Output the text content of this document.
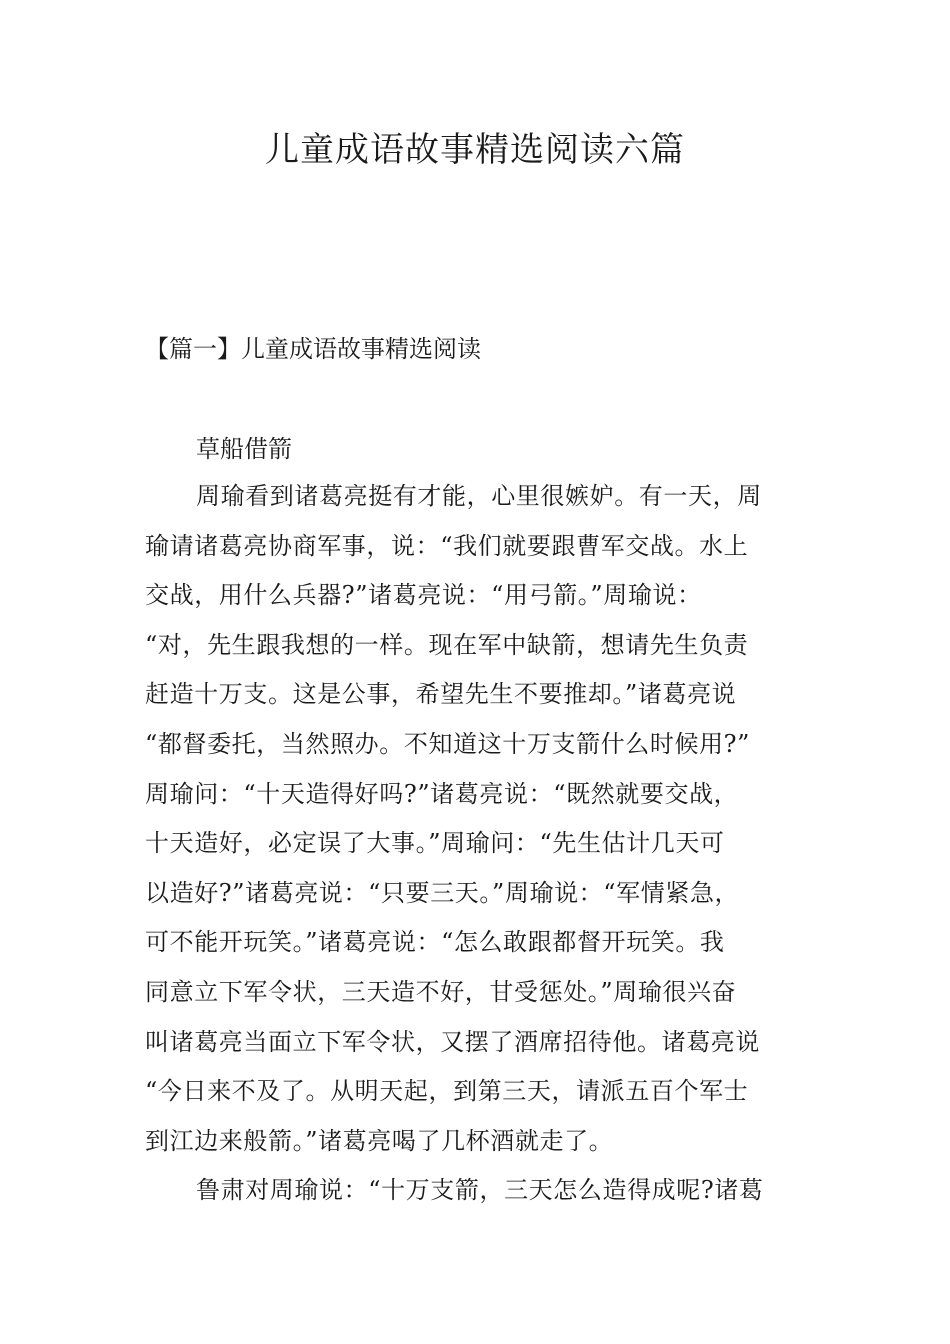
儿童成语故事精选阅读六篇
【篇一】儿童成语故事精选阅读
草船借箭
周瑜看到诸葛亮挺有才能，心里很嫉妒。有一天，周
瑜请诸葛亮协商军事，说：“我们就要跟曹军交战。水上
交战，用什么兵器?”诸葛亮说：“用弓箭。”周瑜说：
“对，先生跟我想的一样。现在军中缺箭，想请先生负责
赶造十万支。这是公事，希望先生不要推却。”诸葛亮说
“都督委托，当然照办。不知道这十万支箭什么时候用?”
周瑜问：“十天造得好吗?”诸葛亮说：“既然就要交战，
十天造好，必定误了大事。”周瑜问：“先生估计几天可
以造好?”诸葛亮说：“只要三天。”周瑜说：“军情紧急，
可不能开玩笑。”诸葛亮说：“怎么敢跟都督开玩笑。我
同意立下军令状，三天造不好，甘受惩处。”周瑜很兴奋
叫诸葛亮当面立下军令状，又摆了酒席招待他。诸葛亮说
“今日来不及了。从明天起，到第三天，请派五百个军士
到江边来般箭。”诸葛亮喝了几杯酒就走了。
鲁肃对周瑜说：“十万支箭，三天怎么造得成呢?诸葛
